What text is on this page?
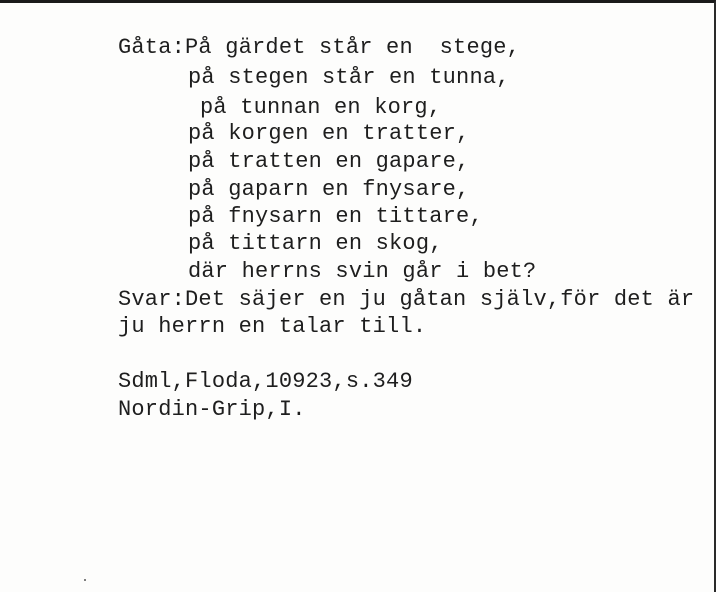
Gåta:På gärdet står en  stege,
på stegen står en tunna,
på tunnan en korg,
på korgen en tratter,
på tratten en gapare,
på gaparn en fnysare,
på fnysarn en tittare,
på tittarn en skog,
där herrns svin går i bet?
Svar:Det säjer en ju gåtan själv,för det är
ju herrn en talar till.
Sdml,Floda,10923,s.349
Nordin-Grip,I.
